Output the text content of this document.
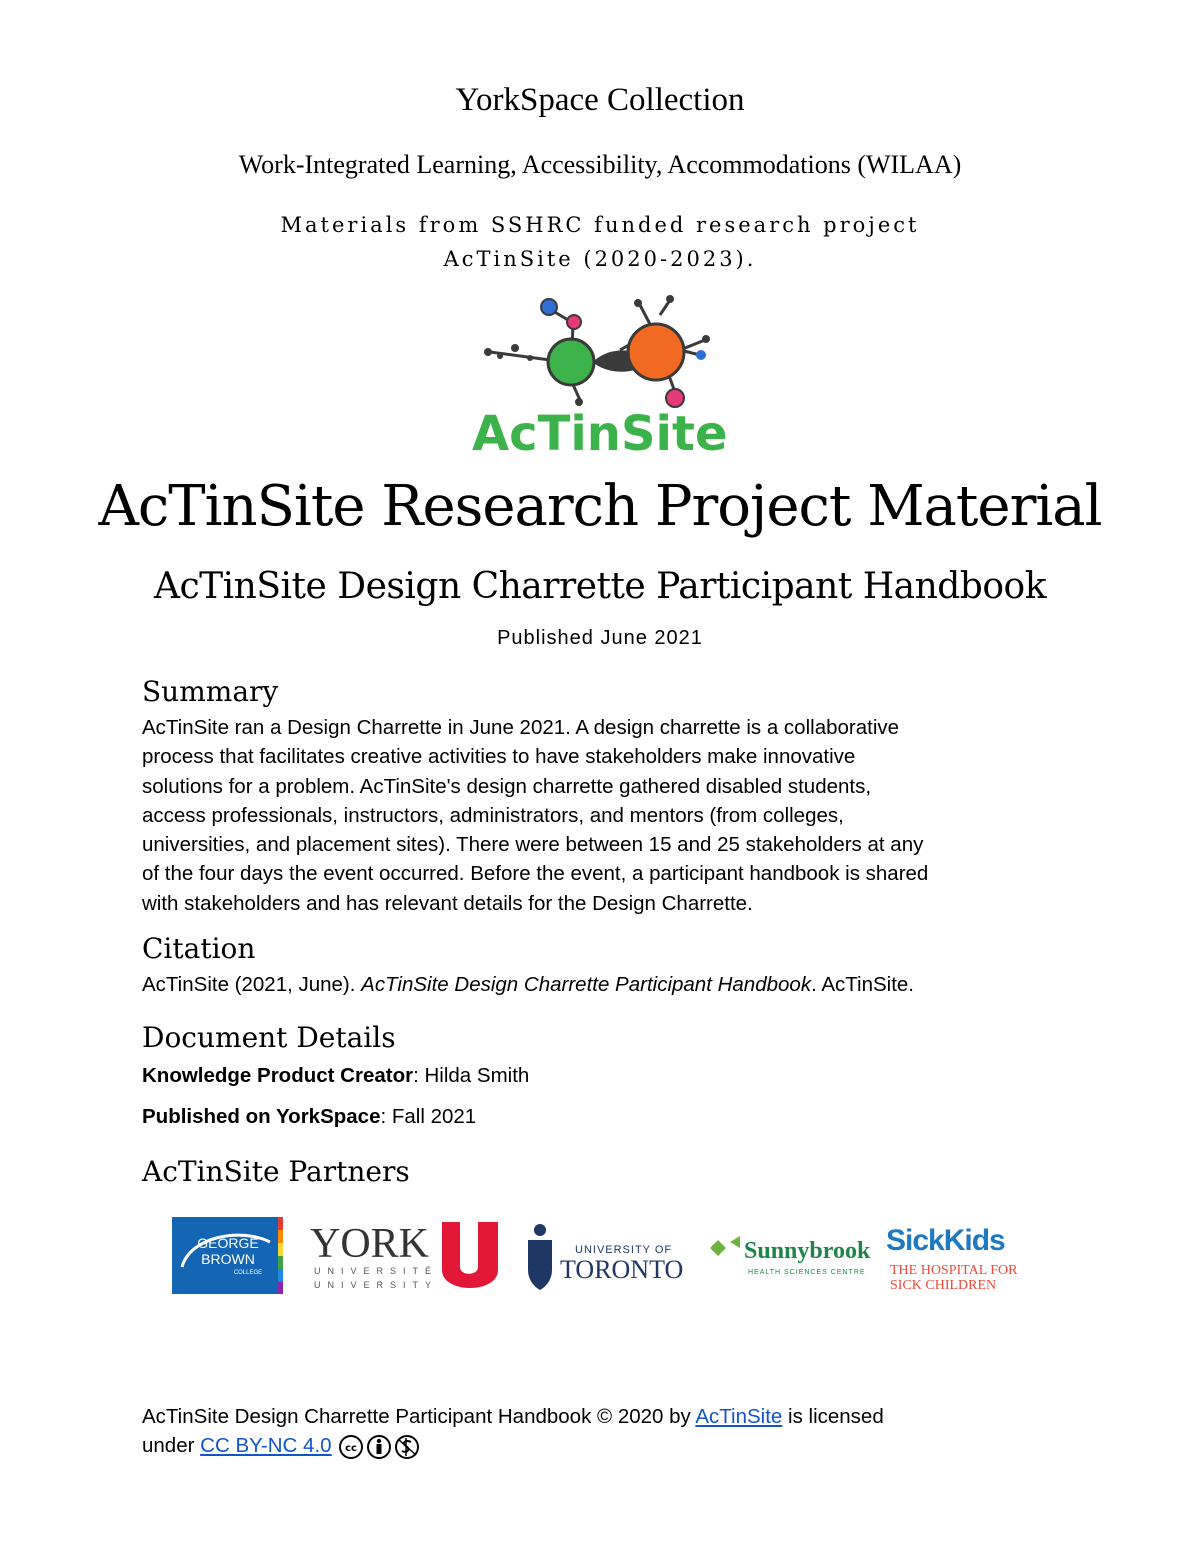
YorkSpace Collection
Work-Integrated Learning, Accessibility, Accommodations (WILAA)
Materials from SSHRC funded research project
AcTinSite (2020-2023).
AcTinSite
AcTinSite Research Project Material
AcTinSite Design Charrette Participant Handbook
Published June 2021
Summary
AcTinSite ran a Design Charrette in June 2021. A design charrette is a collaborative
process that facilitates creative activities to have stakeholders make innovative
solutions for a problem. AcTinSite's design charrette gathered disabled students,
access professionals, instructors, administrators, and mentors (from colleges,
universities, and placement sites). There were between 15 and 25 stakeholders at any
of the four days the event occurred. Before the event, a participant handbook is shared
with stakeholders and has relevant details for the Design Charrette.
Citation
AcTinSite (2021, June). AcTinSite Design Charrette Participant Handbook. AcTinSite.
Document Details
Knowledge Product Creator: Hilda Smith
Published on YorkSpace: Fall 2021
AcTinSite Partners
GEORGE
BROWN
COLLEGE
YORK
UNIVERSITÉ
UNIVERSITY
UNIVERSITY OF
TORONTO
Sunnybrook
HEALTH SCIENCES CENTRE
SickKids
THE HOSPITAL FOR
SICK CHILDREN
AcTinSite Design Charrette Participant Handbook © 2020 by AcTinSite is licensed
under CC BY-NC 4.0 cc
